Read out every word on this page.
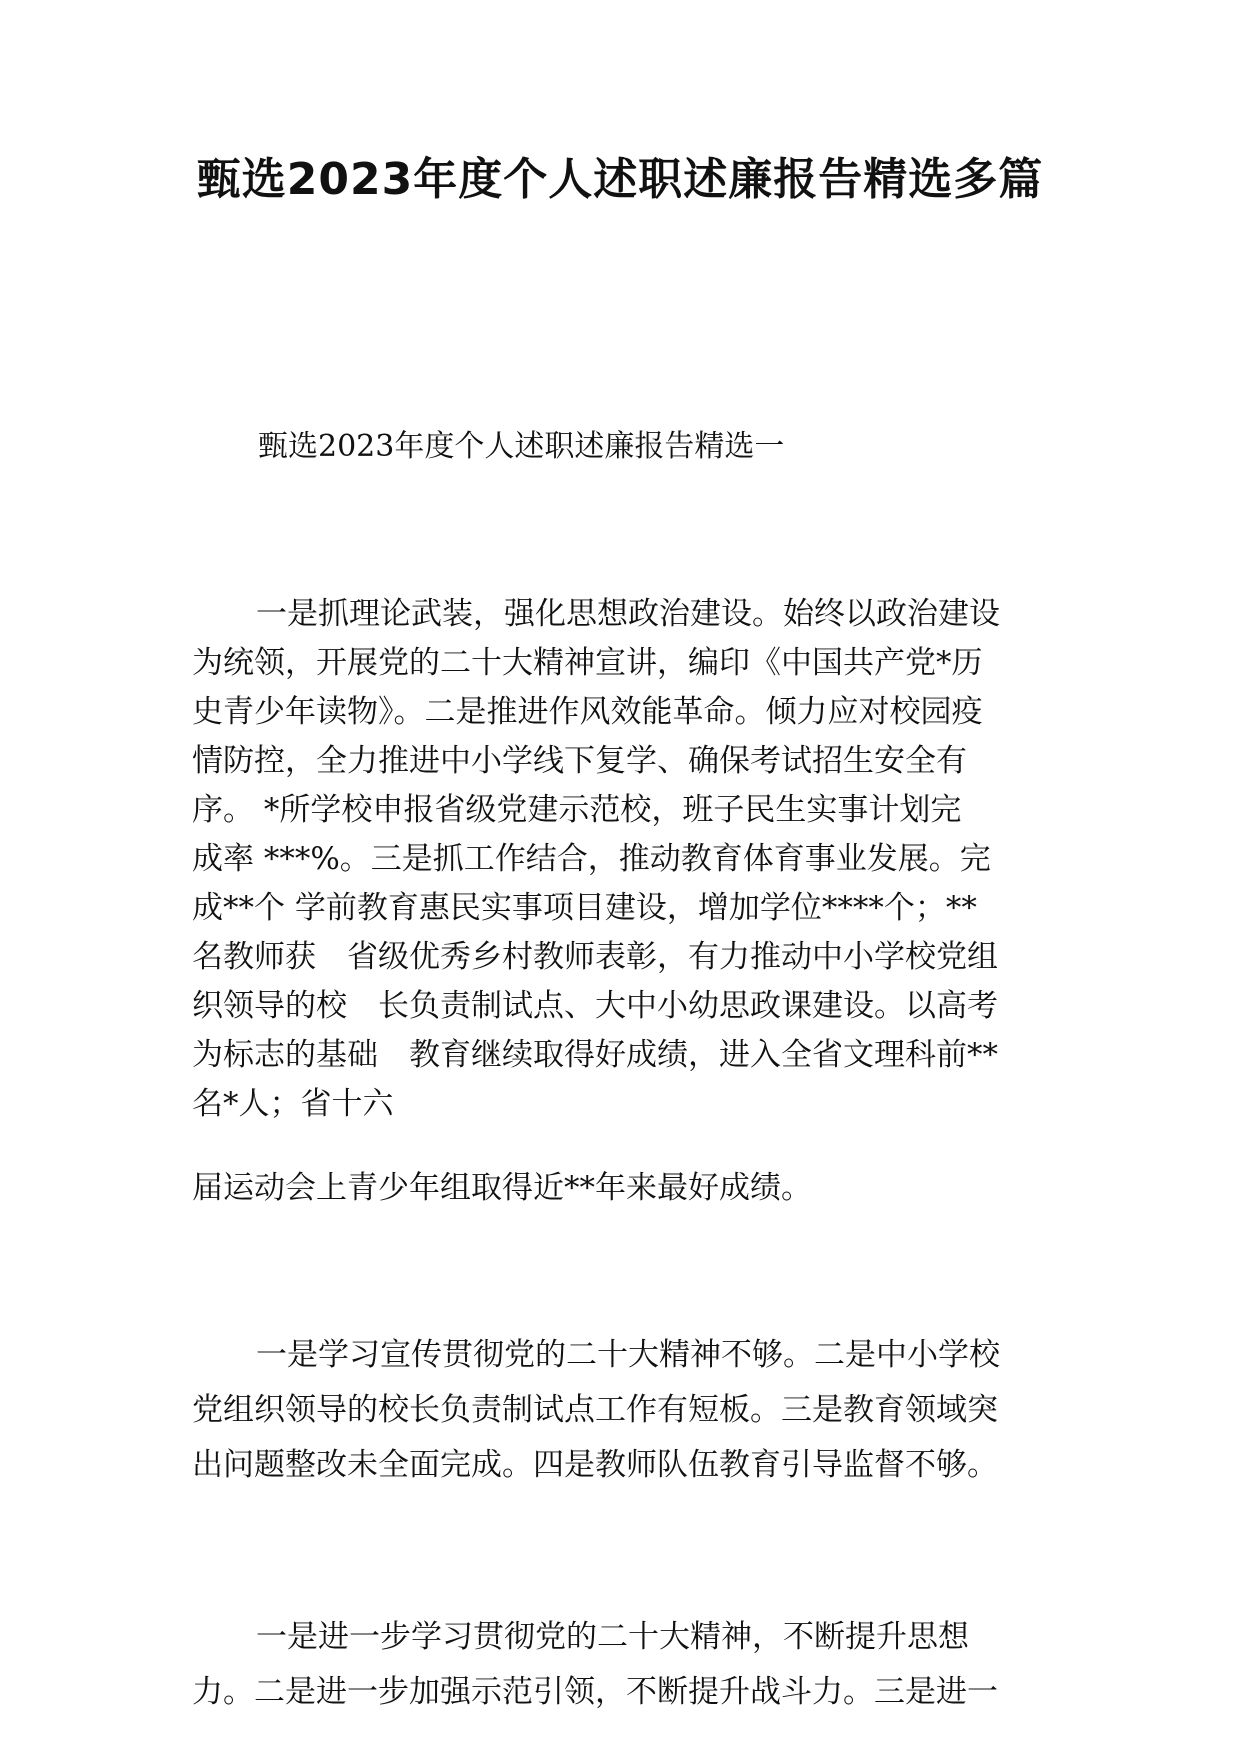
甄选2023年度个人述职述廉报告精选多篇
甄选2023年度个人述职述廉报告精选一
一是抓理论武装，强化思想政治建设。始终以政治建设
为统领，开展党的二十大精神宣讲，编印《中国共产党*历
史青少年读物》。二是推进作风效能革命。倾力应对校园疫
情防控，全力推进中小学线下复学、确保考试招生安全有
序。 *所学校申报省级党建示范校，班子民生实事计划完
成率 ***%。三是抓工作结合，推动教育体育事业发展。完
成**个 学前教育惠民实事项目建设，增加学位****个；**
名教师获　省级优秀乡村教师表彰，有力推动中小学校党组
织领导的校　长负责制试点、大中小幼思政课建设。以高考
为标志的基础　教育继续取得好成绩，进入全省文理科前**
名*人；省十六
届运动会上青少年组取得近**年来最好成绩。
一是学习宣传贯彻党的二十大精神不够。二是中小学校
党组织领导的校长负责制试点工作有短板。三是教育领域突
出问题整改未全面完成。四是教师队伍教育引导监督不够。
一是进一步学习贯彻党的二十大精神，不断提升思想
力。二是进一步加强示范引领，不断提升战斗力。三是进一
